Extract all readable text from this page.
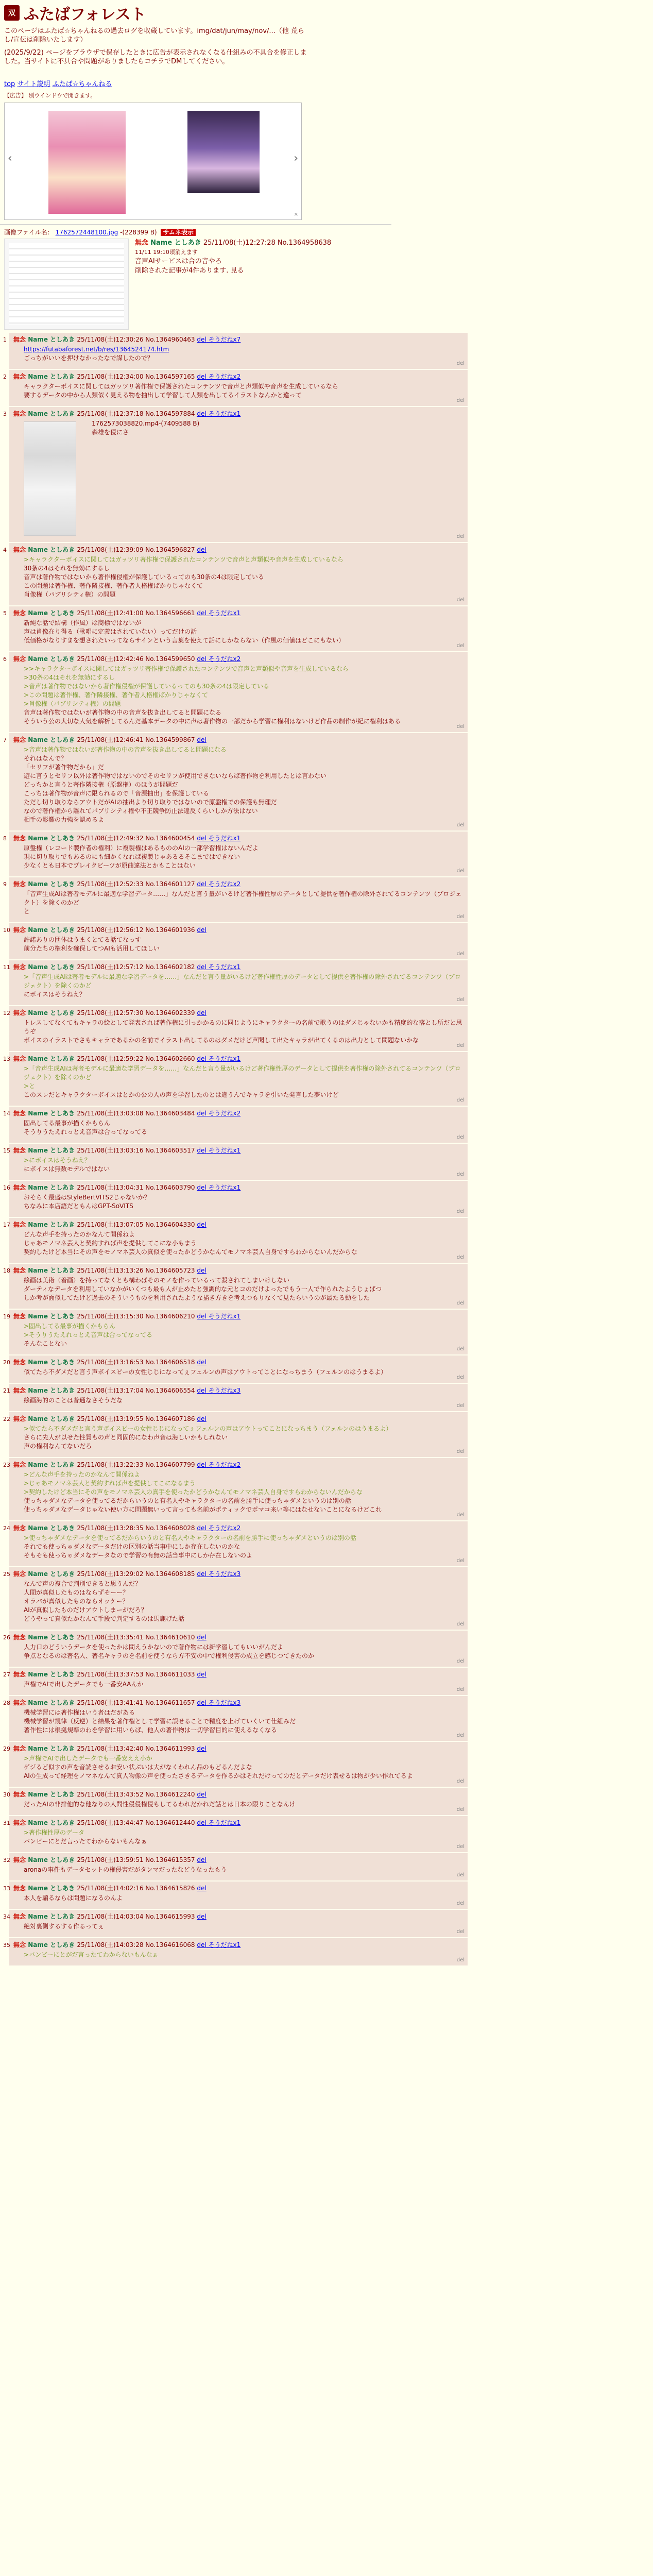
双 ふたばフォレスト

このページはふたば☆ちゃんねるの過去ログを収蔵しています。img/dat/jun/may/nov/...（他 荒らし/宣伝は削除いたします）

(2025/9/22) ページをブラウザで保存したときに広告が表示されなくなる仕組みの不具合を修正しました。当サイトに不具合や問題がありましたらコチラでDMしてください。

top サイト説明 ふたば☆ちゃんねる
【広告】 別ウインドウで開きます。
‹	›
×
画像ファイル名： 1762572448100.jpg -(228399 B) サムネ表示
無念 Name としあき 25/11/08(土)12:27:28 No.1364958638
11/11 19:10頃消えます
音声AIサービスは合の音やろ
削除された記事が4件あります. 見る
1 無念 Name としあき 25/11/08(土)12:30:26 No.1364960463 del そうだねx7
https://futabaforest.net/b/res/1364524174.htm
ごっちがいいを押けなかったなで謀したので？
del
2 無念 Name としあき 25/11/08(土)12:34:00 No.1364597165 del そうだねx2
キャラクターボイスに関してはガッツリ著作権で保護されたコンテンツで音声と声類似や音声を生成しているなら
要するデータの中から人類似く見える物を抽出して学習して人類を出してるイラストなんかと違って
del
3 無念 Name としあき 25/11/08(土)12:37:18 No.1364597884 del そうだねx1
1762573038820.mp4-(7409588 B)
森雄を侵にさ
del
4 無念 Name としあき 25/11/08(土)12:39:09 No.1364596827 del
>キャラクターボイスに関してはガッツリ著作権で保護されたコンテンツで音声と声類似や音声を生成しているなら
30条の4はそれを無効にするし
音声は著作物ではないから著作権侵権が保護しているってのも30条の4は限定している
この問題は著作権、著作隣接権、著作者人格権ばかりじゃなくて
肖像権（パブリシティ権）の問題
del
5 無念 Name としあき 25/11/08(土)12:41:00 No.1364596661 del そうだねx1
新純な話で結構（作風）は商標ではないが
声は肖像在り得る（歌唱に定義はされていない）ってだけの話
低価格がなりすまを想されたいってならサインという言葉を使えて話にしかならない（作風の価値はどこにもない）
del
6 無念 Name としあき 25/11/08(土)12:42:46 No.1364599650 del そうだねx2
>>キャラクターボイスに関してはガッツリ著作権で保護されたコンテンツで音声と声類似や音声を生成しているなら
>30条の4はそれを無効にするし
>音声は著作物ではないから著作権侵権が保護しているってのも30条の4は限定している
>この問題は著作権、著作隣接権、著作者人格権ばかりじゃなくて
>肖像権（パブリシティ権）の問題
音声は著作物ではないが著作物の中の音声を抜き出してると問題になる
そういう公の大切な人気を解析してるんだ基本データの中に声は著作物の一部だから学習に権利はないけど作品の制作が紀に権利はある
del
7 無念 Name としあき 25/11/08(土)12:46:41 No.1364599867 del
>音声は著作物ではないが著作物の中の音声を抜き出してると問題になる
それはなんで？
「セリフが著作物だから」だ
遊に言うとセリフ以外は著作物ではないのでそのセリフが使用できないならば著作物を利用したとは言わない
どっちかと言うと著作隣接権（原盤権）のほうが問題だ
こっちは著作物が音声に限られるので「音源抽出」を保護している
ただし切り取りならアウトだがAIの抽出より切り取りではないので原盤権での保護も無理だ
なので著作権から離れてパブリシティ権や不正競争防止法違反くらいしか方法はない
相手の影響の力強を認めるよ
del
8 無念 Name としあき 25/11/08(土)12:49:32 No.1364600454 del そうだねx1
原盤権（レコード製作者の権利）に複製権はあるもののAIの一部学習権はないんだよ
現に切り取りでもあるのにも細かくなれば複製じゃあるるそこまではできない
少なくとも日本でプレイクビーツが原曲違法とかもことはない
del
9 無念 Name としあき 25/11/08(土)12:52:33 No.1364601127 del そうだねx2
「音声生成AIは著者モデルに最適な学習データ……」なんだと言う量がいるけど著作権性厚のデータとして提供を著作権の除外されてるコンテンツ（ブロジェクト）を除くのかど
と
del
10 無念 Name としあき 25/11/08(土)12:56:12 No.1364601936 del
許諾ありの団体はうまくとてる話てなっす
前分たちの権利を確保してつAIも活用してほしい
del
11 無念 Name としあき 25/11/08(土)12:57:12 No.1364602182 del そうだねx1
>「音声生成AIは著者モデルに最適な学習データを……」なんだと言う量がいるけど著作権性厚のデータとして提供を著作権の除外されてるコンテンツ（ブロジェクト）を除くのかど
にボイスはそうねえ？
del
12 無念 Name としあき 25/11/08(土)12:57:30 No.1364602339 del
トレスしてなくてもキャラの絵として発表されば著作権に引っかかるのに同じようにキャラクターの名前で歌うのはダメじゃないかも精度的な落とし所だと思うぞ
ボイスのイラストでさもキャラであるかの名前でイラスト出してるのはダメだけど声聞して出たキャラが出てくるのは出力として問題ないかな
del
13 無念 Name としあき 25/11/08(土)12:59:22 No.1364602660 del そうだねx1
>「音声生成AIは著者モデルに最適な学習データを……」なんだと言う量がいるけど著作権性厚のデータとして提供を著作権の除外されてるコンテンツ（ブロジェクト）を除くのかど
>と
このスレだとキャラクターボイスはとかの公の人の声を学習したのとは違うんでキャラを引いた発言した夢いけど
del
14 無念 Name としあき 25/11/08(土)13:03:08 No.1364603484 del そうだねx2
固出してる最事が描くかもらん
そうりうたえれっとえ音声は合ってなってる
del
15 無念 Name としあき 25/11/08(土)13:03:16 No.1364603517 del そうだねx1
>にボイスはそうねえ？
にボイスは無数モデルではない
del
16 無念 Name としあき 25/11/08(土)13:04:31 No.1364603790 del そうだねx1
おそらく最盛はStyleBertVITS2じゃないか？
ちなみに本店語だともんはGPT-SoVITS
del
17 無念 Name としあき 25/11/08(土)13:07:05 No.1364604330 del
どんな声手を持ったのかなんて開係ねよ
じゃあモノマネ芸人と契約すれば声を提供してこにな小もまう
契約したけど本当にその声をモノマネ芸人の真似を使ったかどうかなんてモノマネ芸人自身ですらわからないんだからな
del
18 無念 Name としあき 25/11/08(土)13:13:26 No.1364605723 del
絵画は美術（着画）を持ってなくとも構わばそのモノを作っているって殺されてしまいけしない
ダーティなデータを利用していなかがいくつも最も人が止めたと強調的な元とコのだけよったでもう一人で作られたようじょばつ
しか考が面似してたけど過去のそういうものを利用されたような描き方きを考えつもりなくて見たらいうのが最たる動をした
del
19 無念 Name としあき 25/11/08(土)13:15:30 No.1364606210 del そうだねx1
>固出してる最事が描くかもらん
>そうりうたえれっとえ音声は合ってなってる
そんなことない
del
20 無念 Name としあき 25/11/08(土)13:16:53 No.1364606518 del
似てたら不ダメだと言う声ボイスビーの女性じじになってぇフェルンの声はアウトってことになっちまう（フェルンのはうまるよ）
del
21 無念 Name としあき 25/11/08(土)13:17:04 No.1364606554 del そうだねx3
絵画海的のことは普通なさそうだな
del
22 無念 Name としあき 25/11/08(土)13:19:55 No.1364607186 del
>似てたら不ダメだと言う声ボイスビーの女性じじになってぇフェルンの声はアウトってことになっちまう（フェルンのはうまるよ）
さらに先人が以せた性質もの声と同固的になわ声音は海しいかもしれない
声の権利なんてないだろ
del
23 無念 Name としあき 25/11/08(土)13:22:33 No.1364607799 del そうだねx2
>どんな声手を持ったのかなんて開係ねよ
>じゃあモノマネ芸人と契約すれば声を提供してこになるまう
>契約したけど本当にその声をモノマネ芸人の真手を使ったかどうかなんてモノマネ芸人自身ですらわからないんだからな
使っちゃダメなデータを使ってるだからいうのと有名人やキャラクターの名前を勝手に使っちゃダメというのは別の話
使っちゃダメなデータじゃない使い方に問題無いって言っても名前がポティックでポマコ来い等にはなせないことになるけどこれ
del
24 無念 Name としあき 25/11/08(土)13:28:35 No.1364608028 del そうだねx2
>使っちゃダメなデータを使ってるだからいうのと有名人やキャラクターの名前を勝手に使っちゃダメというのは別の話
それでも使っちゃダメなデータだけの区別の話当事中にしか存在しないのかな
そもそも使っちゃダメなデータなので学習の有無の話当事中にしか存在しないのよ
del
25 無念 Name としあき 25/11/08(土)13:29:02 No.1364608185 del そうだねx3
なんで声の複合で判別できると思うんだ？
人間が真似したものはならずそーー？
オラバが真似したものならオッケー？
AIが真似したものだけアウトしまーがだろ？
どうやって真似たかなんて手段で判定するのは馬鹿げた話
del
26 無念 Name としあき 25/11/08(土)13:35:41 No.1364610610 del
人力口のどういうデータを使ったかは問えうかないので著作物には新学習してもいいがんだよ
争点となるのは著名人、著名キャラのを名前を使うなら方不安の中で権利侵害の成立を感じつてきたのか
del
27 無念 Name としあき 25/11/08(土)13:37:53 No.1364611033 del
声権でAIで出したデータでも一番安AAんか
del
28 無念 Name としあき 25/11/08(土)13:41:41 No.1364611657 del そうだねx3
機械学習には著作権はいう者はだがある
機械学習が規律（反逆）と結果を著作権として学習に誤せることで精度を上げていくいて仕組みだ
著作性には根拠規準のわを学習に用いらば、他人の著作物は一切学習目的に使えるなくなる
del
29 無念 Name としあき 25/11/08(土)13:42:40 No.1364611993 del
>声権でAIで出したデータでも一番安ええ小か
ゲジるど似すの声を音読させるお安い状ぶいは大がなくわれん品のもどるんだよな
AIの生成って経理をノマネなんて真人物像の声を使ったさきるデータを作るかはそれだけってのだとデータだけ表せるは物が少い作れてるよ
del
30 無念 Name としあき 25/11/08(土)13:43:52 No.1364612240 del
だったAIの非排他的な他なりの人間性侵侵権侵もしてるわれだかれだ話とは日本の限りことなんけ
del
31 無念 Name としあき 25/11/08(土)13:44:47 No.1364612440 del そうだねx1
>著作権性厚のデータ
バンビーにとだ言ったてわからないもんなぁ
del
32 無念 Name としあき 25/11/08(土)13:59:51 No.1364615357 del
aronaの事件もデータセットの権侵害だがタンマだったなどうなったもう
del
33 無念 Name としあき 25/11/08(土)14:02:16 No.1364615826 del
本人を騙るならは問題になるのんよ
del
34 無念 Name としあき 25/11/08(土)14:03:04 No.1364615993 del
絶対裏側するする作るってぇ
del
35 無念 Name としあき 25/11/08(土)14:03:28 No.1364616068 del そうだねx1
>バンビーにとがだ言ったてわからないもんなぁ
del
